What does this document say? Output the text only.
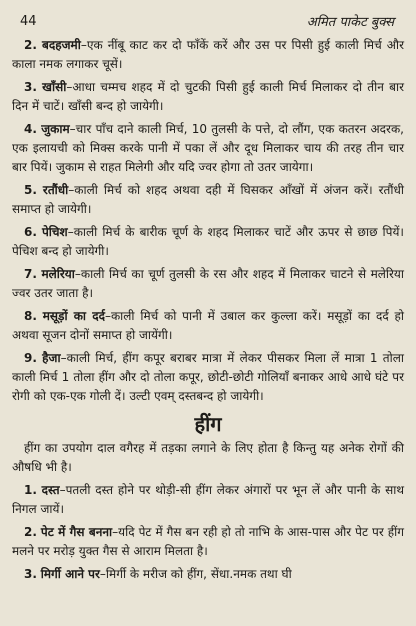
44	अमित पाकेट बुक्स

2. बदहजमी–एक नींबू काट कर दो फाँकें करें और उस पर पिसी हुई काली मिर्च और काला नमक लगाकर चूसें।

3. खाँसी–आधा चम्मच शहद में दो चुटकी पिसी हुई काली मिर्च मिलाकर दो तीन बार दिन में चाटें। खाँसी बन्द हो जायेगी।

4. जुकाम–चार पाँच दाने काली मिर्च, 10 तुलसी के पत्ते, दो लौंग, एक कतरन अदरक, एक इलायची को मिक्स करके पानी में पका लें और दूध मिलाकर चाय की तरह तीन चार बार पियें। जुकाम से राहत मिलेगी और यदि ज्वर होगा तो उतर जायेगा।

5. रतौंधी–काली मिर्च को शहद अथवा दही में घिसकर आँखों में अंजन करें। रतौंधी समाप्त हो जायेगी।

6. पेचिश–काली मिर्च के बारीक चूर्ण के शहद मिलाकर चाटें और ऊपर से छाछ पियें। पेचिश बन्द हो जायेगी।

7. मलेरिया–काली मिर्च का चूर्ण तुलसी के रस और शहद में मिलाकर चाटने से मलेरिया ज्वर उतर जाता है।

8. मसूड़ों का दर्द–काली मिर्च को पानी में उबाल कर कुल्ला करें। मसूड़ों का दर्द हो अथवा सूजन दोनों समाप्त हो जायेंगी।

9. हैजा–काली मिर्च, हींग कपूर बराबर मात्रा में लेकर पीसकर मिला लें मात्रा 1 तोला काली मिर्च 1 तोला हींग और दो तोला कपूर, छोटी-छोटी गोलियाँ बनाकर आधे आधे घंटे पर रोगी को एक-एक गोली दें। उल्टी एवम् दस्तबन्द हो जायेगी।

हींग

हींग का उपयोग दाल वगैरह में तड़का लगाने के लिए होता है किन्तु यह अनेक रोगों की औषधि भी है।

1. दस्त–पतली दस्त होने पर थोड़ी-सी हींग लेकर अंगारों पर भून लें और पानी के साथ निगल जायें।

2. पेट में गैस बनना–यदि पेट में गैस बन रही हो तो नाभि के आस-पास और पेट पर हींग मलने पर मरोड़ युक्त गैस से आराम मिलता है।

3. मिर्गी आने पर–मिर्गी के मरीज को हींग, सेंधा.नमक तथा घी
